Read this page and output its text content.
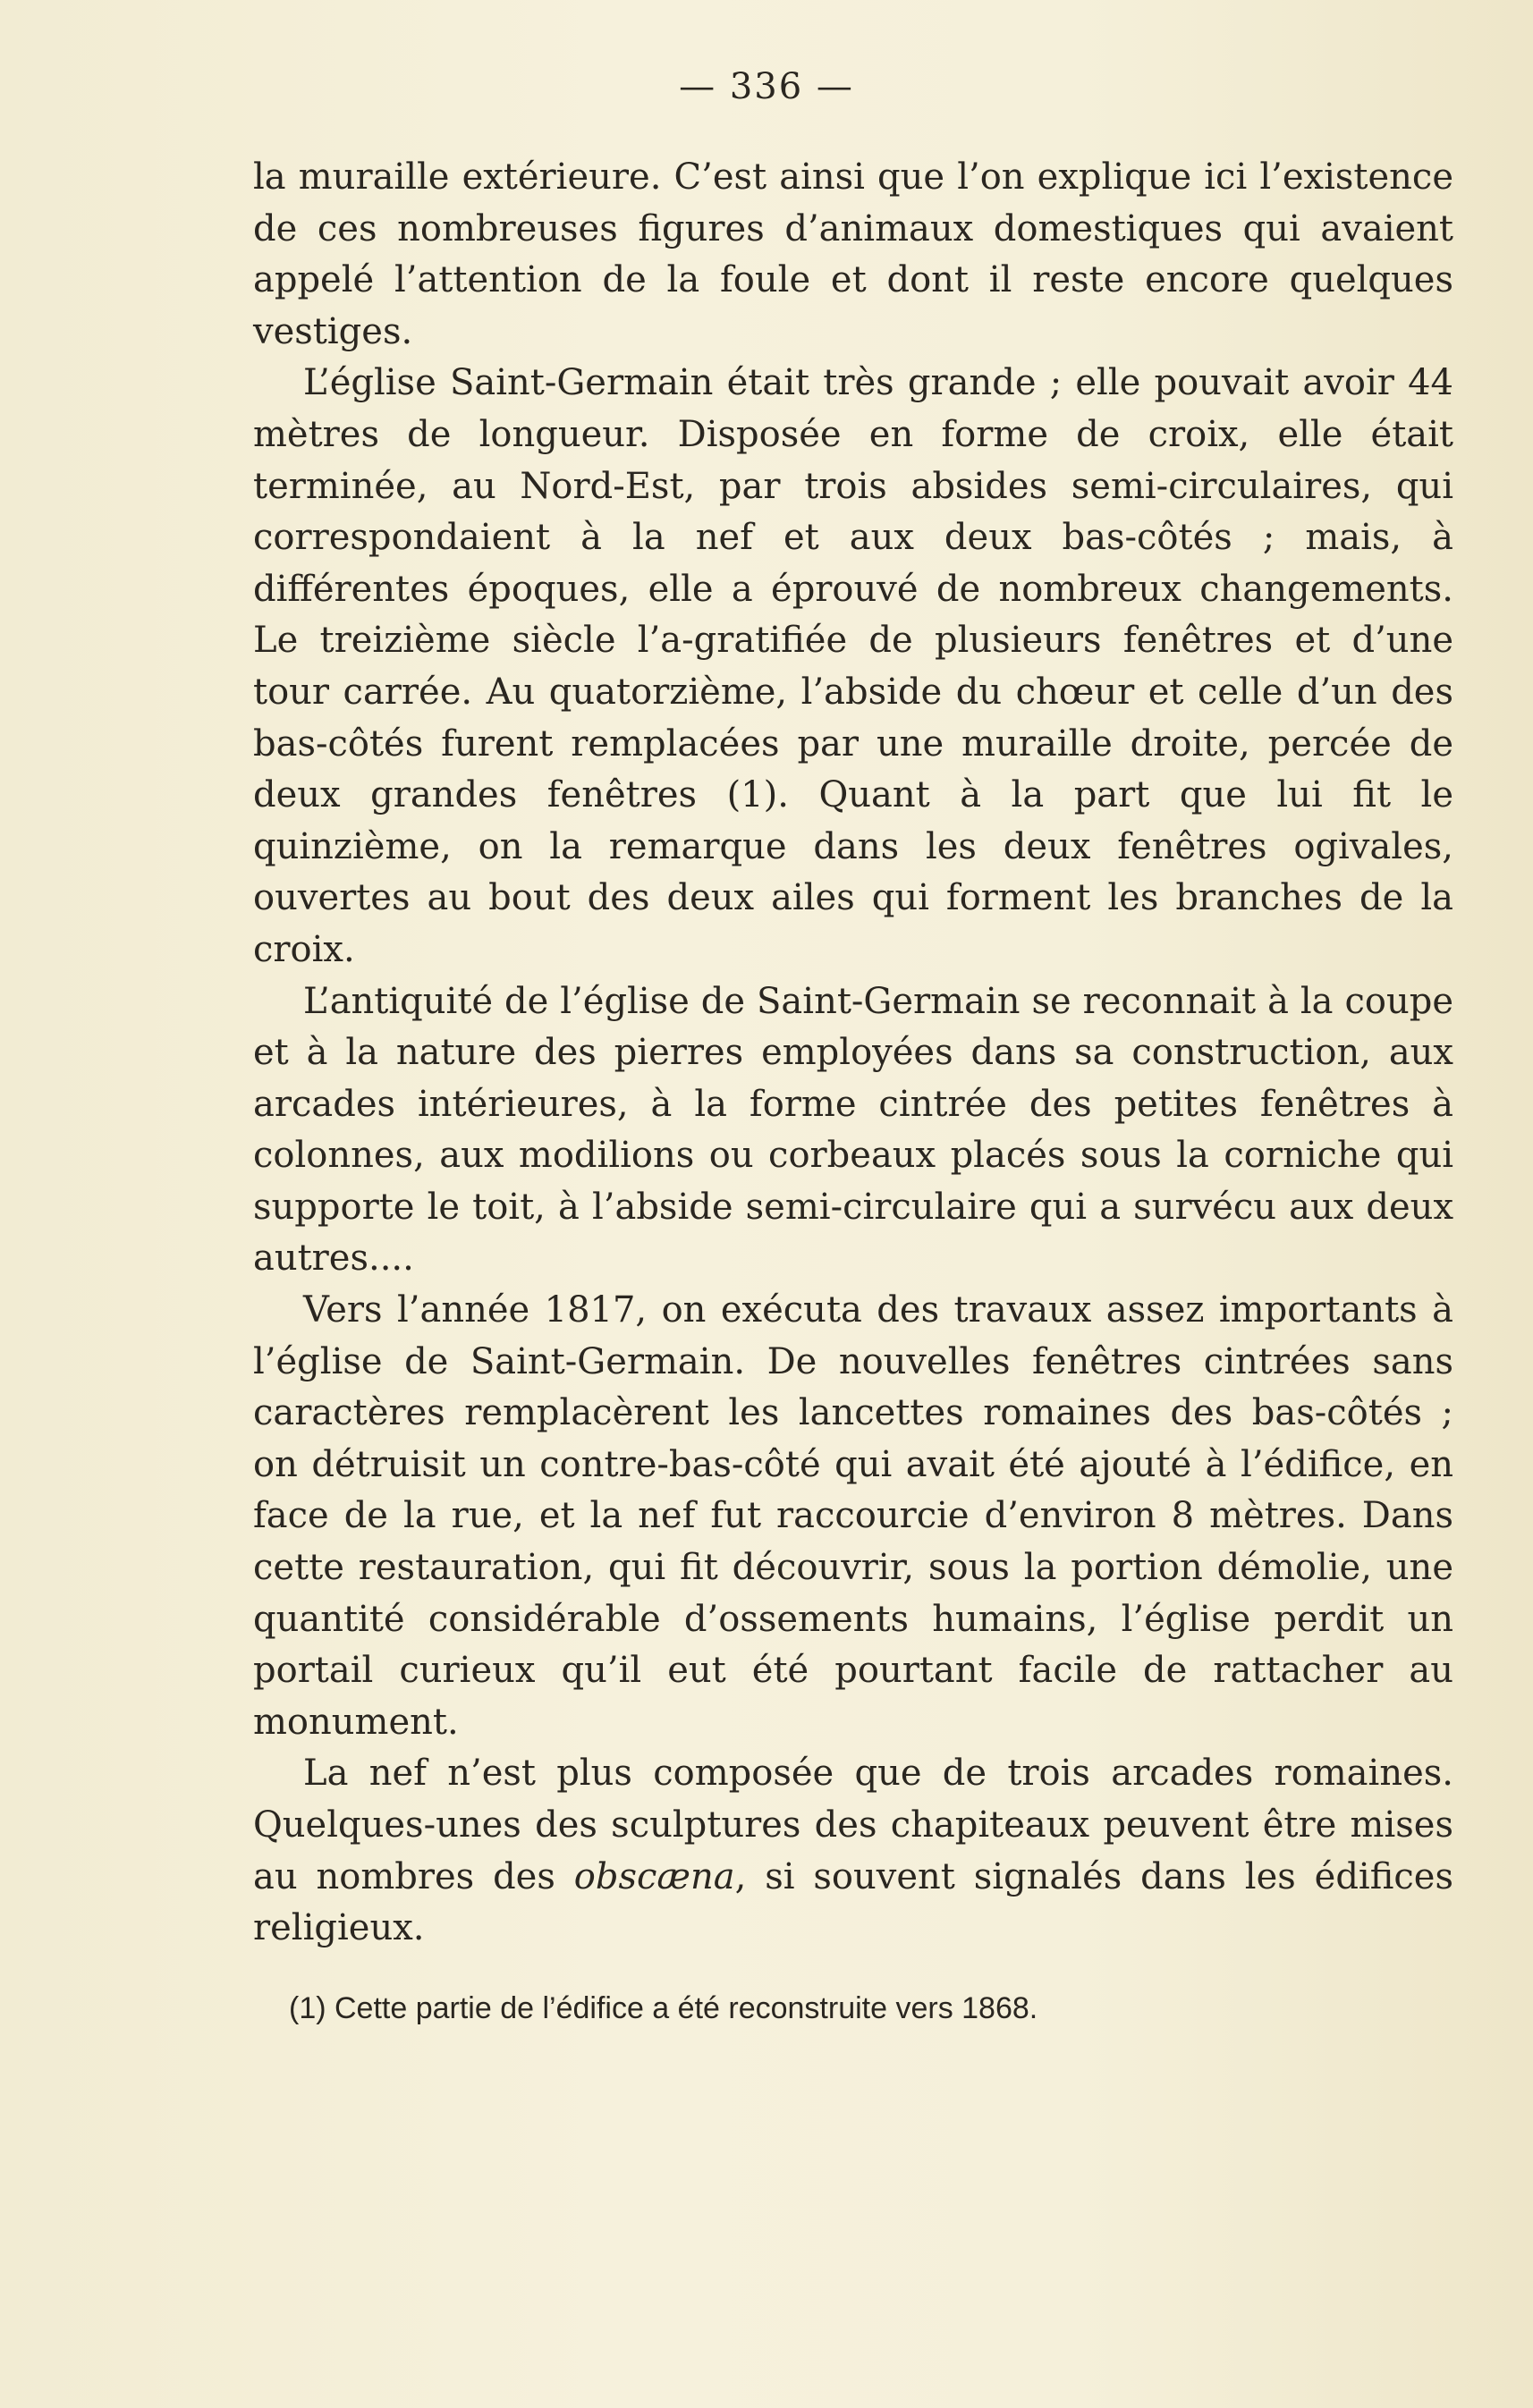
— 336 —

la muraille extérieure. C’est ainsi que l’on explique ici l’existence de ces nombreuses figures d’animaux domestiques qui avaient appelé l’attention de la foule et dont il reste encore quelques vestiges.

L’église Saint-Germain était très grande ; elle pouvait avoir 44 mètres de longueur. Disposée en forme de croix, elle était terminée, au Nord-Est, par trois absides semi-circulaires, qui correspondaient à la nef et aux deux bas-côtés ; mais, à différentes époques, elle a éprouvé de nombreux changements. Le treizième siècle l’a-gratifiée de plusieurs fenêtres et d’une tour carrée. Au quatorzième, l’abside du chœur et celle d’un des bas-côtés furent remplacées par une muraille droite, percée de deux grandes fenêtres (1). Quant à la part que lui fit le quinzième, on la remarque dans les deux fenêtres ogivales, ouvertes au bout des deux ailes qui forment les branches de la croix.

L’antiquité de l’église de Saint-Germain se reconnait à la coupe et à la nature des pierres employées dans sa construction, aux arcades intérieures, à la forme cintrée des petites fenêtres à colonnes, aux modilions ou corbeaux placés sous la corniche qui supporte le toit, à l’abside semi-circulaire qui a survécu aux deux autres....

Vers l’année 1817, on exécuta des travaux assez importants à l’église de Saint-Germain. De nouvelles fenêtres cintrées sans caractères remplacèrent les lancettes romaines des bas-côtés ; on détruisit un contre-bas-côté qui avait été ajouté à l’édifice, en face de la rue, et la nef fut raccourcie d’environ 8 mètres. Dans cette restauration, qui fit découvrir, sous la portion démolie, une quantité considérable d’ossements humains, l’église perdit un portail curieux qu’il eut été pourtant facile de rattacher au monument.

La nef n’est plus composée que de trois arcades romaines. Quelques-unes des sculptures des chapiteaux peuvent être mises au nombres des obscæna, si souvent signalés dans les édifices religieux.

(1) Cette partie de l’édifice a été reconstruite vers 1868.
